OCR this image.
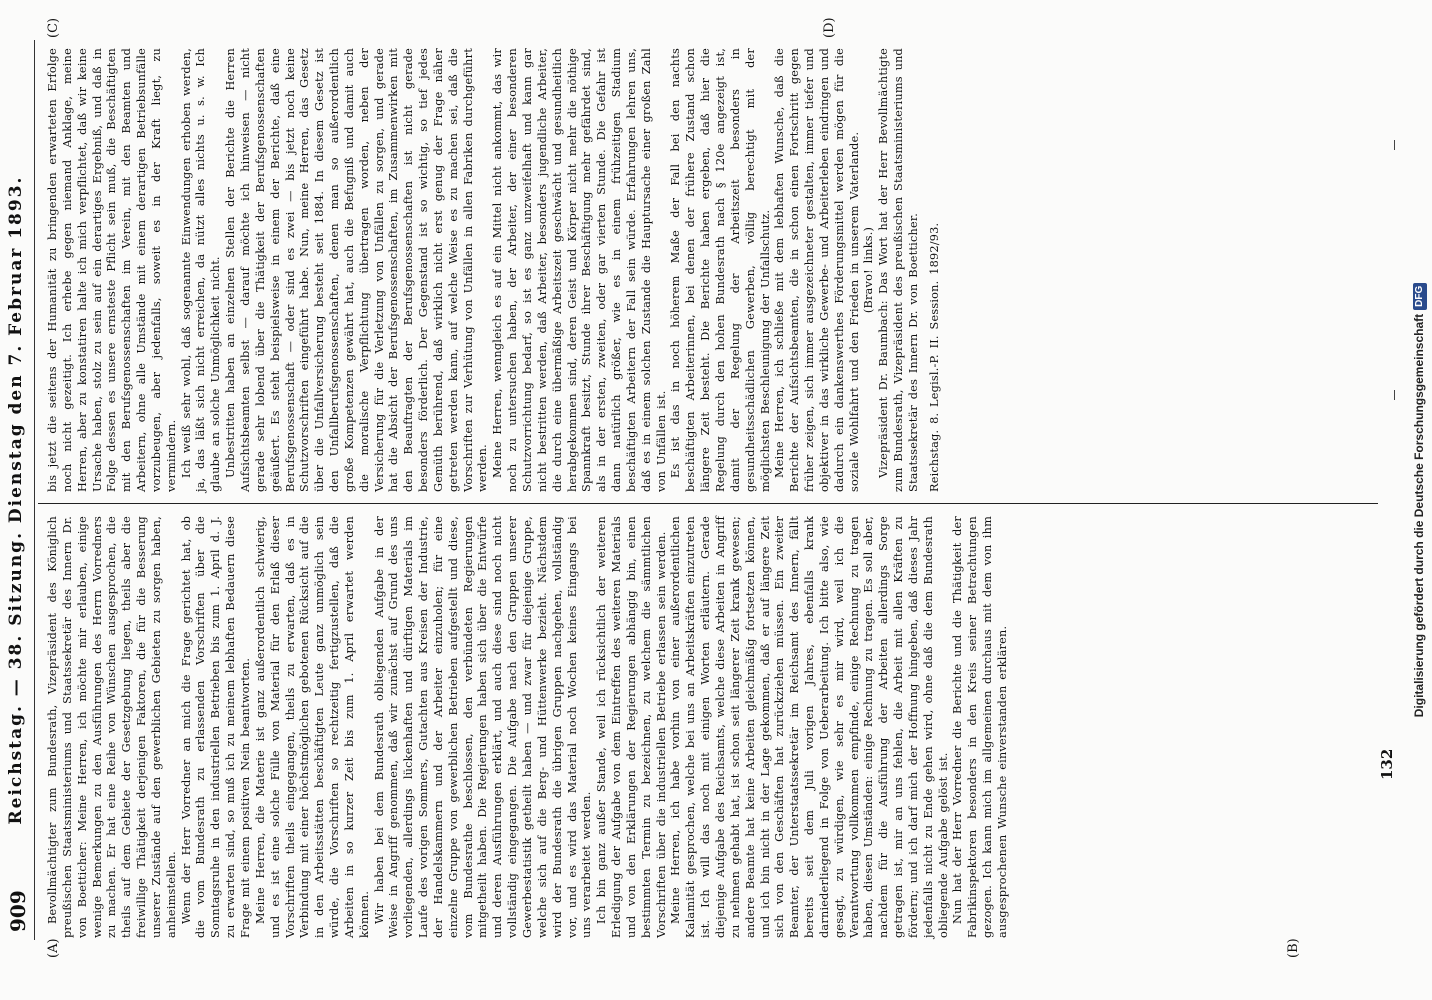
909
Reichstag. — 38. Sitzung. Dienstag den 7. Februar 1893.
(A)	(B)
(C)	(D)

Bevollmächtigter zum Bundesrath, Vizepräsident des Königlich preußischen Staatsministeriums und Staatssekretär des Innern Dr. von Boetticher: Meine Herren, ich möchte mir erlauben, einige wenige Bemerkungen zu den Ausführungen des Herrn Vorredners zu machen. Er hat eine Reihe von Wünschen ausgesprochen, die theils auf dem Gebiete der Gesetzgebung liegen, theils aber die freiwillige Thätigkeit derjenigen Faktoren, die für die Besserung unserer Zustände auf den gewerblichen Gebieten zu sorgen haben, anheimstellen. Wenn der Herr Vorredner an mich die Frage gerichtet hat, ob die vom Bundesrath zu erlassenden Vorschriften über die Sonntagsruhe in den industriellen Betrieben bis zum 1. April d. J. zu erwarten sind, so muß ich zu meinem lebhaften Bedauern diese Frage mit einem positiven Nein beantworten. Meine Herren, die Materie ist ganz außerordentlich schwierig, und es ist eine solche Fülle von Material für den Erlaß dieser Vorschriften theils eingegangen, theils zu erwarten, daß es in Verbindung mit einer höchstmöglichen gebotenen Rücksicht auf die in den Arbeitsstätten beschäftigten Leute ganz unmöglich sein würde, die Vorschriften so rechtzeitig fertigzustellen, daß die Arbeiten in so kurzer Zeit bis zum 1. April erwartet werden können. Wir haben bei dem Bundesrath obliegenden Aufgabe in der Weise in Angriff genommen, daß wir zunächst auf Grund des uns vorliegenden, allerdings lückenhaften und dürftigen Materials im Laufe des vorigen Sommers, Gutachten aus Kreisen der Industrie, der Handelskammern und der Arbeiter einzuholen; für eine einzelne Gruppe von gewerblichen Betrieben aufgestellt und diese, vom Bundesrathe beschlossen, den verbündeten Regierungen mitgetheilt haben. Die Regierungen haben sich über die Entwürfe und deren Ausführungen erklärt, und auch diese sind noch nicht vollständig eingegangen. Die Aufgabe nach den Gruppen unserer Gewerbestatistik getheilt haben — und zwar für diejenige Gruppe, welche sich auf die Berg- und Hüttenwerke bezieht. Nächstdem wird der Bundesrath die übrigen Gruppen nachgehen, vollständig vor, und es wird das Material noch Wochen keines Eingangs bei uns verarbeitet werden. Ich bin ganz außer Stande, weil ich rücksichtlich der weiteren Erledigung der Aufgabe von dem Eintreffen des weiteren Materials und von den Erklärungen der Regierungen abhängig bin, einen bestimmten Termin zu bezeichnen, zu welchem die sämmtlichen Vorschriften über die industriellen Betriebe erlassen sein werden. Meine Herren, ich habe vorhin von einer außerordentlichen Kalamität gesprochen, welche bei uns an Arbeitskräften einzutreten ist. Ich will das noch mit einigen Worten erläutern. Gerade diejenige Aufgabe des Reichsamts, welche diese Arbeiten in Angriff zu nehmen gehabt hat, ist schon seit längerer Zeit krank gewesen; andere Beamte hat keine Arbeiten gleichmäßig fortsetzen können, und ich bin nicht in der Lage gekommen, daß er auf längere Zeit sich von den Geschäften hat zurückziehen müssen. Ein zweiter Beamter, der Unterstaatssekretär im Reichsamt des Innern, fällt bereits seit dem Juli vorigen Jahres, ebenfalls krank darniederliegend in Folge von Ueberarbeitung. Ich bitte also, wie gesagt, zu würdigen, wie sehr es mir wird, weil ich die Verantwortung vollkommen empfinde, einige Rechnung zu tragen haben, diesen Umständen: einige Rechnung zu tragen. Es soll aber, nachdem für die Ausführung der Arbeiten allerdings Sorge getragen ist, mir an uns fehlen, die Arbeit mit allen Kräften zu fördern; und ich darf mich der Hoffnung hingeben, daß dieses Jahr jedenfalls nicht zu Ende gehen wird, ohne daß die dem Bundesrath obliegende Aufgabe gelöst ist. Nun hat der Herr Vorredner die Berichte und die Thätigkeit der Fabrikinspektoren besonders in den Kreis seiner Betrachtungen gezogen. Ich kann mich im allgemeinen durchaus mit dem von ihm ausgesprochenen Wunsche einverstanden erklären.

bis jetzt die seitens der Humanität zu bringenden erwarteten Erfolge noch nicht gezeitigt. Ich erhebe gegen niemand Anklage, meine Herren, aber zu konstatiren halte ich mich verpflichtet, daß wir keine Ursache haben, stolz zu sein auf ein derartiges Ergebniß, und daß in Folge dessen es unsere ernsteste Pflicht sein muß, die Beschäftigten mit den Berufsgenossenschaften im Verein, mit den Beamten und Arbeitern, ohne alle Umstände mit einem derartigen Betriebsunfälle vorzubeugen, aber jedenfalls, soweit es in der Kraft liegt, zu vermindern. Ich weiß sehr wohl, daß sogenannte Einwendungen erhoben werden, ja, das läßt sich nicht erreichen, da nützt alles nichts u. s. w. Ich glaube an solche Unmöglichkeit nicht. Unbestritten haben an einzelnen Stellen der Berichte die Herren Aufsichtsbeamten selbst — darauf möchte ich hinweisen — nicht gerade sehr lobend über die Thätigkeit der Berufsgenossenschaften geäußert. Es steht beispielsweise in einem der Berichte, daß eine Berufsgenossenschaft — oder sind es zwei — bis jetzt noch keine Schutzvorschriften eingeführt habe. Nun, meine Herren, das Gesetz über die Unfallversicherung besteht seit 1884. In diesem Gesetz ist den Unfallberufsgenossenschaften, denen man so außerordentlich große Kompetenzen gewährt hat, auch die Befugniß und damit auch die moralische Verpflichtung übertragen worden, neben der Versicherung für die Verletzung von Unfällen zu sorgen, und gerade hat die Absicht der Berufsgenossenschaften, im Zusammenwirken mit den Beauftragten der Berufsgenossenschaften ist nicht gerade besonders förderlich. Der Gegenstand ist so wichtig, so tief jedes Gemüth berührend, daß wirklich nicht erst genug der Frage näher getreten werden kann, auf welche Weise es zu machen sei, daß die Vorschriften zur Verhütung von Unfällen in allen Fabriken durchgeführt werden. Meine Herren, wenngleich es auf ein Mittel nicht ankommt, das wir noch zu untersuchen haben, der Arbeiter, der einer besonderen Schutzvorrichtung bedarf, so ist es ganz unzweifelhaft und kann gar nicht bestritten werden, daß Arbeiter, besonders jugendliche Arbeiter, die durch eine übermäßige Arbeitszeit geschwächt und gesundheitlich herabgekommen sind, deren Geist und Körper nicht mehr die nöthige Spannkraft besitzt, Stunde ihrer Beschäftigung mehr gefährdet sind, als in der ersten, zweiten, oder gar vierten Stunde. Die Gefahr ist dann natürlich größer, wie es in einem frühzeitigen Stadium beschäftigten Arbeitern der Fall sein würde. Erfahrungen lehren uns, daß es in einem solchen Zustande die Hauptursache einer großen Zahl von Unfällen ist. Es ist das in noch höherem Maße der Fall bei den nachts beschäftigten Arbeiterinnen, bei denen der frühere Zustand schon längere Zeit besteht. Die Berichte haben ergeben, daß hier die Regelung durch den hohen Bundesrath nach § 120e angezeigt ist, damit der Regelung der Arbeitszeit besonders in gesundheitsschädlichen Gewerben, völlig berechtigt mit der möglichsten Beschleunigung der Unfallschutz. Meine Herren, ich schließe mit dem lebhaften Wunsche, daß die Berichte der Aufsichtsbeamten, die in schon einen Fortschritt gegen früher zeigen, sich immer ausgezeichneter gestalten, immer tiefer und objektiver in das wirkliche Gewerbe- und Arbeiterleben eindringen und dadurch ein dankenswerthes Förderungsmittel werden mögen für die soziale Wohlfahrt und den Frieden in unserem Vaterlande. (Bravo! links.) Vizepräsident Dr. Baumbach: Das Wort hat der Herr Bevollmächtigte zum Bundesrath, Vizepräsident des preußischen Staatsministeriums und Staatssekretär des Innern Dr. von Boetticher. Reichstag. 8. Legisl.-P. II. Session. 1892/93.

132
Digitalisierung gefördert durch die Deutsche ForschungsgemeinschaftDFG
